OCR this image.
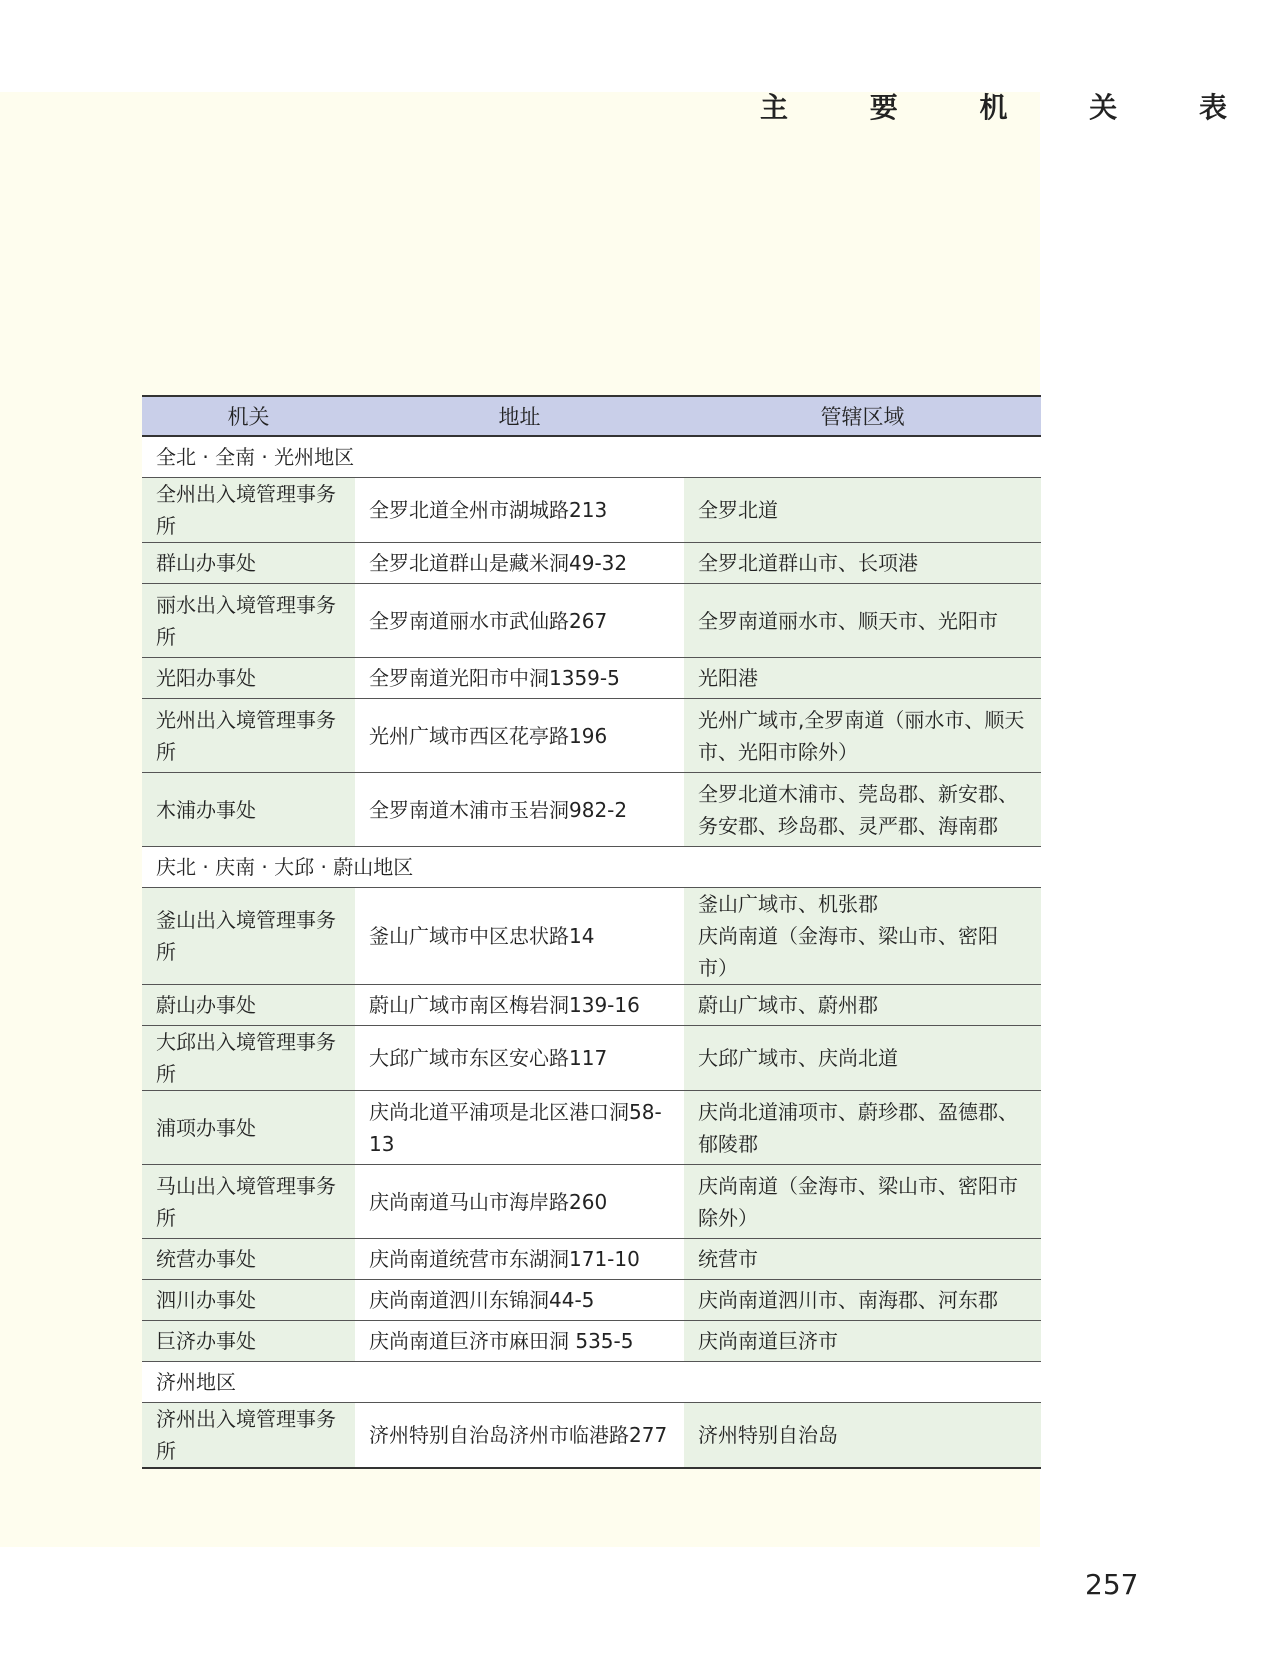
主 要 机 关 表
机关	地址	管辖区域
全北 · 全南 · 光州地区		
全州出入境管理事务所	全罗北道全州市湖城路213	全罗北道
群山办事处	全罗北道群山是藏米洞49-32	全罗北道群山市、长项港
丽水出入境管理事务所	全罗南道丽水市武仙路267	全罗南道丽水市、顺天市、光阳市
光阳办事处	全罗南道光阳市中洞1359-5	光阳港
光州出入境管理事务所	光州广域市西区花亭路196	光州广域市,全罗南道（丽水市、顺天市、光阳市除外）
木浦办事处	全罗南道木浦市玉岩洞982-2	全罗北道木浦市、莞岛郡、新安郡、务安郡、珍岛郡、灵严郡、海南郡
庆北 · 庆南 · 大邱 · 蔚山地区		
釜山出入境管理事务所	釜山广域市中区忠状路14	釜山广域市、机张郡
庆尚南道（金海市、梁山市、密阳市）
蔚山办事处	蔚山广域市南区梅岩洞139-16	蔚山广域市、蔚州郡
大邱出入境管理事务所	大邱广域市东区安心路117	大邱广域市、庆尚北道
浦项办事处	庆尚北道平浦项是北区港口洞58-13	庆尚北道浦项市、蔚珍郡、盈德郡、郁陵郡
马山出入境管理事务所	庆尚南道马山市海岸路260	庆尚南道（金海市、梁山市、密阳市除外）
统营办事处	庆尚南道统营市东湖洞171-10	统营市
泗川办事处	庆尚南道泗川东锦洞44-5	庆尚南道泗川市、南海郡、河东郡
巨济办事处	庆尚南道巨济市麻田洞 535-5	庆尚南道巨济市
济州地区		
济州出入境管理事务所	济州特别自治岛济州市临港路277	济州特别自治岛
257
